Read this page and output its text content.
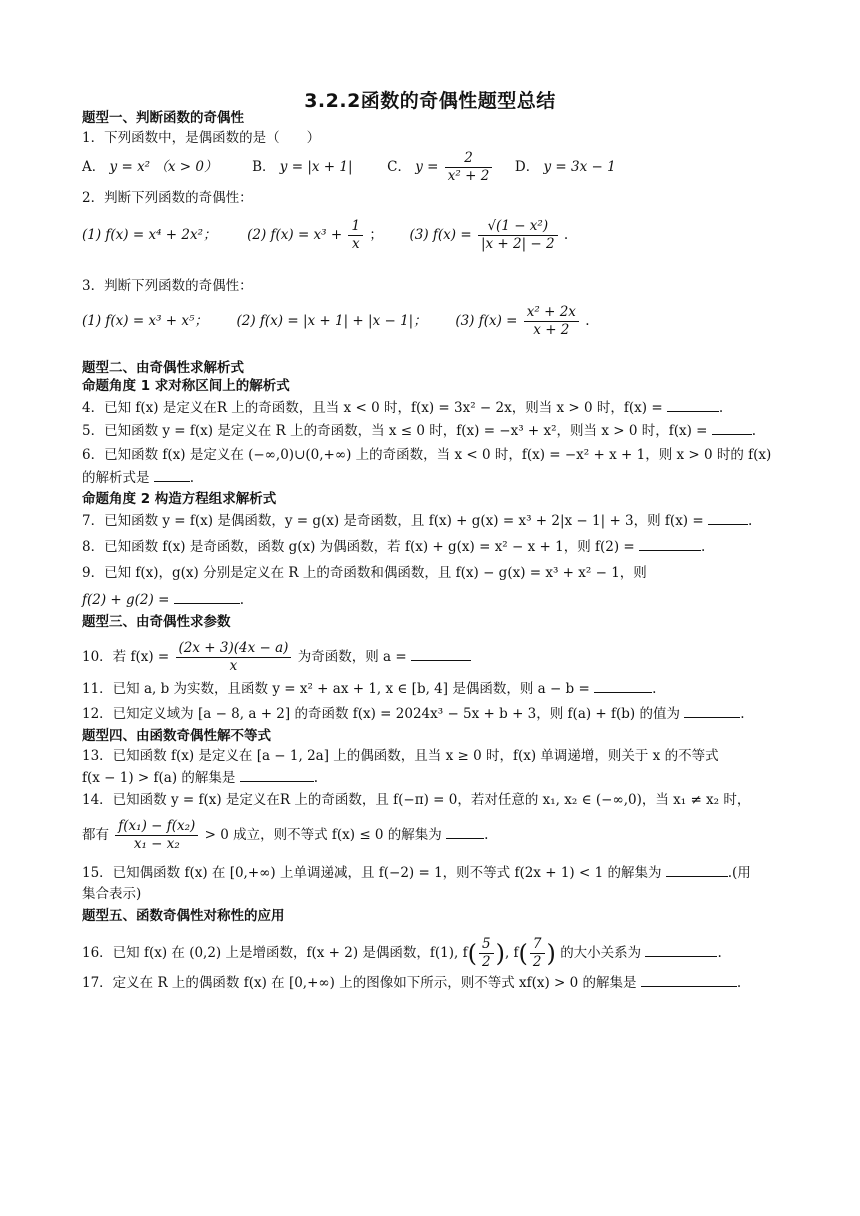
3.2.2函数的奇偶性题型总结
题型一、判断函数的奇偶性
1．下列函数中，是偶函数的是（　　）
A． y = x² （x > 0）	B． y = |x + 1|	C． $y = \frac{2}{\text{x² + 2}}$ D． y = 3x − 1
2．判断下列函数的奇偶性：
(1) f(x) = x⁴ + 2x²； (2) $f(x) = x^3 + \frac{1}{x}$ ； (3) $f(x) = \frac{\text{√(1 − x²)}}{|x + 2| - 2}$ .
3．判断下列函数的奇偶性：
(1) f(x) = x³ + x⁵； (2) f(x) = |x + 1| + |x − 1|； (3) $f(x) = \frac{\text{x² + 2x}}{x + 2}$ .
题型二、由奇偶性求解析式
命题角度 1 求对称区间上的解析式
4．已知 f(x) 是定义在R 上的奇函数，且当 x < 0 时，f(x) = 3x² − 2x，则当 x > 0 时，f(x) =	.
5．已知函数 y = f(x) 是定义在 R 上的奇函数，当 x ≤ 0 时，f(x) = −x³ + x²，则当 x > 0 时，f(x) =	.
6．已知函数 f(x) 是定义在 (−∞,0)∪(0,+∞) 上的奇函数，当 x < 0 时，f(x) = −x² + x + 1，则 x > 0 时的 f(x)
的解析式是	.
命题角度 2 构造方程组求解析式
7．已知函数 y = f(x) 是偶函数，y = g(x) 是奇函数，且 f(x) + g(x) = x³ + 2|x − 1| + 3，则 f(x) =	.
8．已知函数 f(x) 是奇函数，函数 g(x) 为偶函数，若 f(x) + g(x) = x² − x + 1，则 f(2) =	.
9．已知 f(x)，g(x) 分别是定义在 R 上的奇函数和偶函数，且 f(x) − g(x) = x³ + x² − 1，则
f(2) + g(2) =	.
题型三、由奇偶性求参数
10．若 $f(x) = \frac{(2x + 3)(4x - a)}{x}$ 为奇函数，则 a =
11．已知 a, b 为实数，且函数 y = x² + ax + 1, x ∈ [b, 4] 是偶函数，则 a − b =	.
12．已知定义域为 [a − 8, a + 2] 的奇函数 f(x) = 2024x³ − 5x + b + 3，则 f(a) + f(b) 的值为	.
题型四、由函数奇偶性解不等式
13．已知函数 f(x) 是定义在 [a − 1, 2a] 上的偶函数，且当 x ≥ 0 时，f(x) 单调递增，则关于 x 的不等式
f(x − 1) > f(a) 的解集是	.
14．已知函数 y = f(x) 是定义在R 上的奇函数，且 f(−π) = 0，若对任意的 x₁, x₂ ∈ (−∞,0)，当 x₁ ≠ x₂ 时，
都有 $\frac{\text{f(x₁) − f(x₂)}}{\text{x₁ − x₂}} > 0$ 成立，则不等式 f(x) ≤ 0 的解集为	.
15．已知偶函数 f(x) 在 [0,+∞) 上单调递减，且 f(−2) = 1，则不等式 f(2x + 1) < 1 的解集为	.(用
集合表示)
题型五、函数奇偶性对称性的应用
16．已知 f(x) 在 (0,2) 上是增函数，f(x + 2) 是偶函数，f(1), $f( \frac{5}{2}$ ), $f( \frac{7}{2}$ ) 的大小关系为	.
17．定义在 R 上的偶函数 f(x) 在 [0,+∞) 上的图像如下所示，则不等式 xf(x) > 0 的解集是	.
